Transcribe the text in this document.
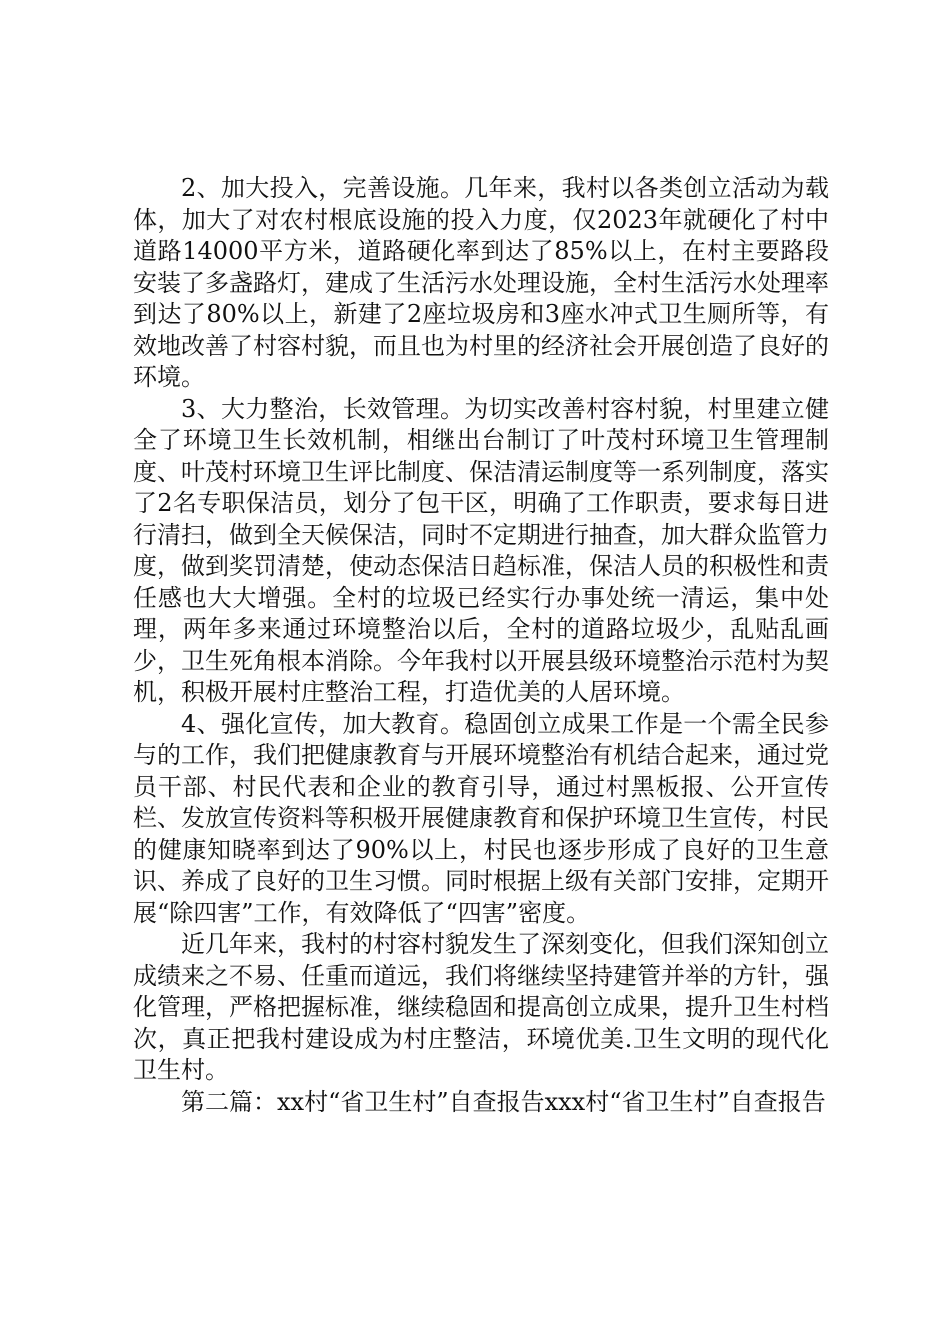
2、加大投入，完善设施。几年来，我村以各类创立活动为载体，加大了对农村根底设施的投入力度，仅2023年就硬化了村中道路14000平方米，道路硬化率到达了85%以上，在村主要路段安装了多盏路灯，建成了生活污水处理设施，全村生活污水处理率到达了80%以上，新建了2座垃圾房和3座水冲式卫生厕所等，有效地改善了村容村貌，而且也为村里的经济社会开展创造了良好的环境。

3、大力整治，长效管理。为切实改善村容村貌，村里建立健全了环境卫生长效机制，相继出台制订了叶茂村环境卫生管理制度、叶茂村环境卫生评比制度、保洁清运制度等一系列制度，落实了2名专职保洁员，划分了包干区，明确了工作职责，要求每日进行清扫，做到全天候保洁，同时不定期进行抽查，加大群众监管力度，做到奖罚清楚，使动态保洁日趋标准，保洁人员的积极性和责任感也大大增强。全村的垃圾已经实行办事处统一清运，集中处理，两年多来通过环境整治以后，全村的道路垃圾少，乱贴乱画少，卫生死角根本消除。今年我村以开展县级环境整治示范村为契机，积极开展村庄整治工程，打造优美的人居环境。

4、强化宣传，加大教育。稳固创立成果工作是一个需全民参与的工作，我们把健康教育与开展环境整治有机结合起来，通过党员干部、村民代表和企业的教育引导，通过村黑板报、公开宣传栏、发放宣传资料等积极开展健康教育和保护环境卫生宣传，村民的健康知晓率到达了90%以上，村民也逐步形成了良好的卫生意识、养成了良好的卫生习惯。同时根据上级有关部门安排，定期开展“除四害”工作，有效降低了“四害”密度。

近几年来，我村的村容村貌发生了深刻变化，但我们深知创立成绩来之不易、任重而道远，我们将继续坚持建管并举的方针，强化管理，严格把握标准，继续稳固和提高创立成果，提升卫生村档次，真正把我村建设成为村庄整洁，环境优美.卫生文明的现代化卫生村。

第二篇：xx村“省卫生村”自查报告xxx村“省卫生村”自查报告
